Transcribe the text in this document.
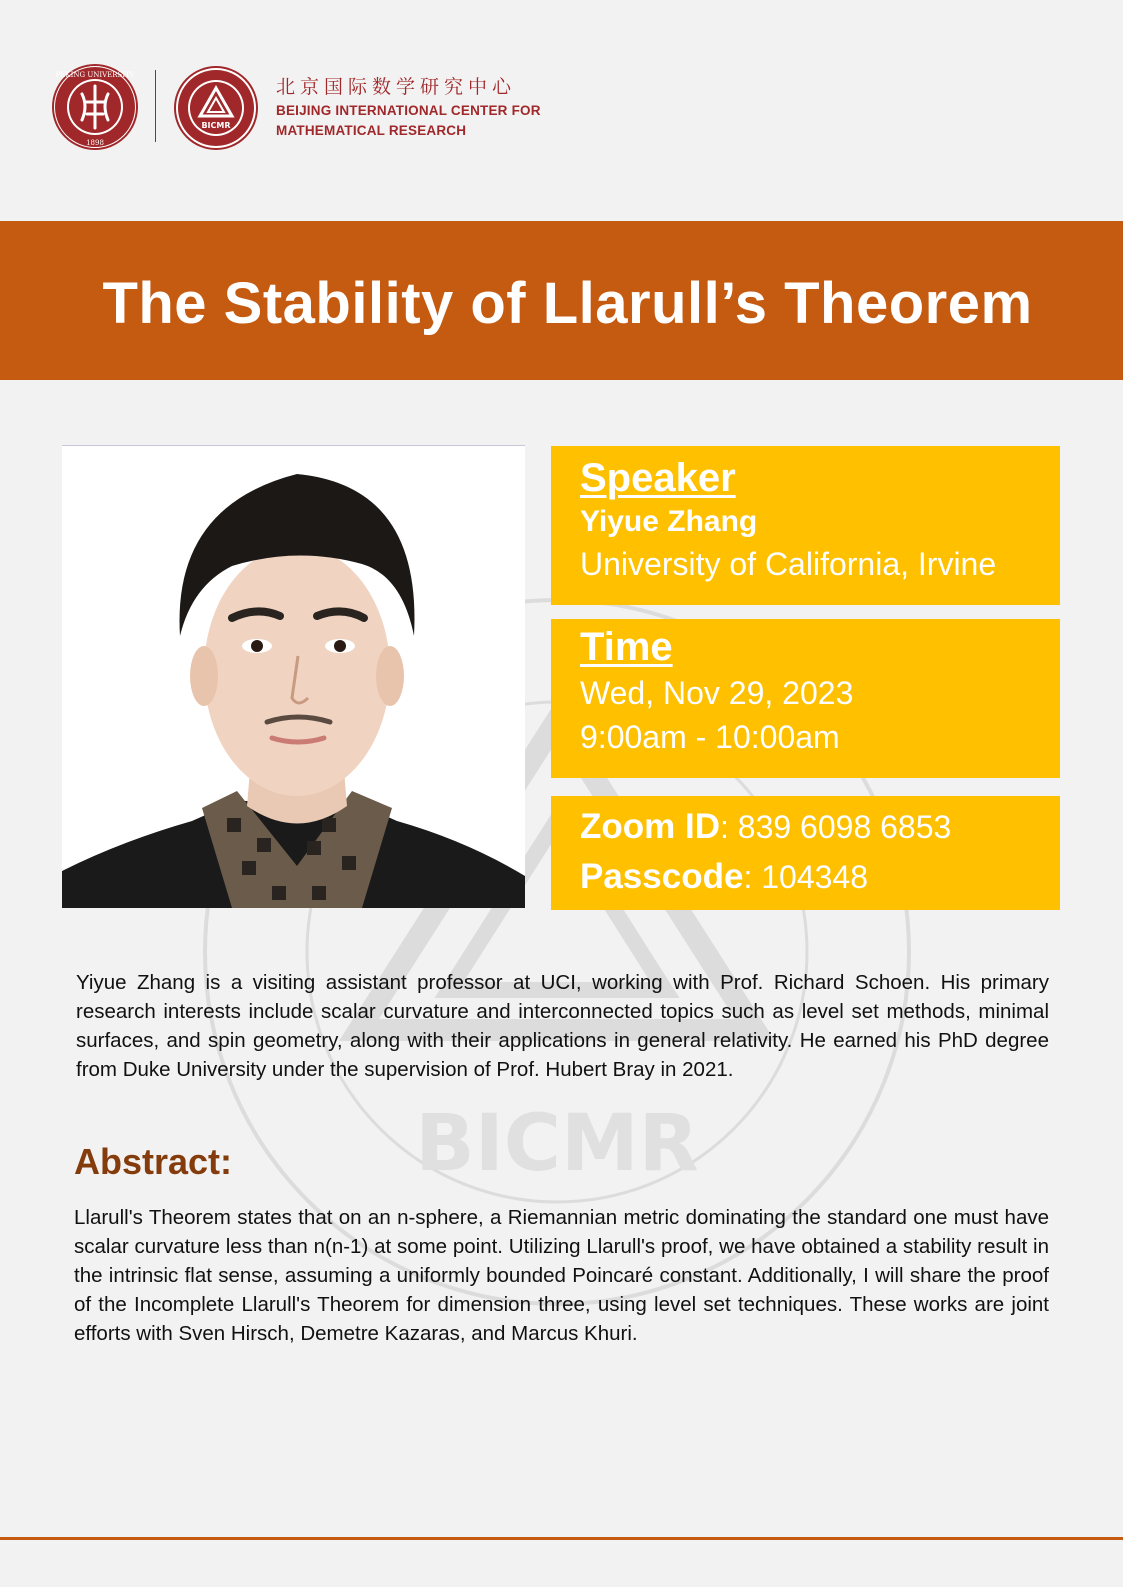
BICMR
PEKING UNIVERSITY
1898
BICMR
北京国际数学研究中心
BEIJING INTERNATIONAL CENTER FOR
MATHEMATICAL RESEARCH
The Stability of Llarull’s Theorem
Speaker
Yiyue Zhang
University of California, Irvine
Time
Wed, Nov 29, 2023
9:00am - 10:00am
Zoom ID: 839 6098 6853
Passcode: 104348
Yiyue Zhang is a visiting assistant professor at UCI, working with Prof. Richard Schoen. His primary research interests include scalar curvature and interconnected topics such as level set methods, minimal surfaces, and spin geometry, along with their applications in general relativity. He earned his PhD degree from Duke University under the supervision of Prof. Hubert Bray in 2021.
Abstract:
Llarull's Theorem states that on an n-sphere, a Riemannian metric dominating the standard one must have scalar curvature less than n(n-1) at some point. Utilizing Llarull's proof, we have obtained a stability result in the intrinsic flat sense, assuming a uniformly bounded Poincaré constant. Additionally, I will share the proof of the Incomplete Llarull's Theorem for dimension three, using level set techniques. These works are joint efforts with Sven Hirsch, Demetre Kazaras, and Marcus Khuri.
